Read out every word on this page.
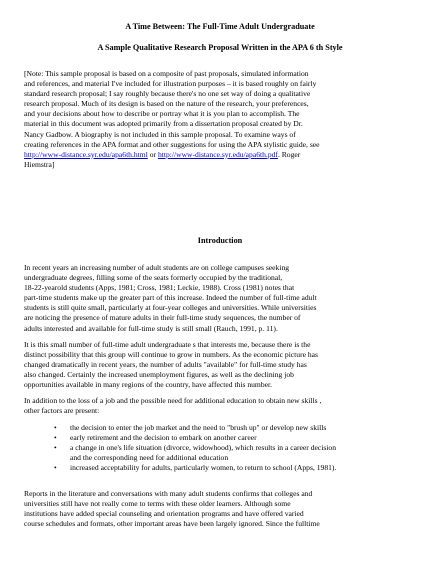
A Time Between: The Full-Time Adult Undergraduate
A Sample Qualitative Research Proposal Written in the APA 6 th Style
[Note: This sample proposal is based on a composite of past proposals, simulated information
and references, and material I've included for illustration purposes – it is based roughly on fairly
standard research proposal; I say roughly because there's no one set way of doing a qualitative
research proposal. Much of its design is based on the nature of the research, your preferences,
and your decisions about how to describe or portray what it is you plan to accomplish. The
material in this document was adopted primarily from a dissertation proposal created by Dr.
Nancy Gadbow. A biography is not included in this sample proposal. To examine ways of
creating references in the APA format and other suggestions for using the APA stylistic guide, see
http://www-distance.syr.edu/apa6th.html or http://www-distance.syr.edu/apa6th.pdf. Roger
Hiemstra]
Introduction
In recent years an increasing number of adult students are on college campuses seeking
undergraduate degrees, filling some of the seats formerly occupied by the traditional,
18-22-yearold students (Apps, 1981; Cross, 1981; Leckie, 1988). Cross (1981) notes that
part-time students make up the greater part of this increase. Indeed the number of full-time adult
students is still quite small, particularly at four-year colleges and universities. While universities
are noticing the presence of mature adults in their full-time study sequences, the number of
adults interested and available for full-time study is still small (Rauch, 1991, p. 11).
It is this small number of full-time adult undergraduate s that interests me, because there is the
distinct possibility that this group will continue to grow in numbers. As the economic picture has
changed dramatically in recent years, the number of adults "available" for full-time study has
also changed. Certainly the increased unemployment figures, as well as the declining job
opportunities available in many regions of the country, have affected this number.
In addition to the loss of a job and the possible need for additional education to obtain new skills ,
other factors are present:
• the decision to enter the job market and the need to "brush up" or develop new skills
• early retirement and the decision to embark on another career
• a change in one's life situation (divorce, widowhood), which results in a career decision
and the corresponding need for additional education
• increased acceptability for adults, particularly women, to return to school (Apps, 1981).
Reports in the literature and conversations with many adult students confirms that colleges and
universities still have not really come to terms with these older learners. Although some
institutions have added special counseling and orientation programs and have offered varied
course schedules and formats, other important areas have been largely ignored. Since the fulltime
